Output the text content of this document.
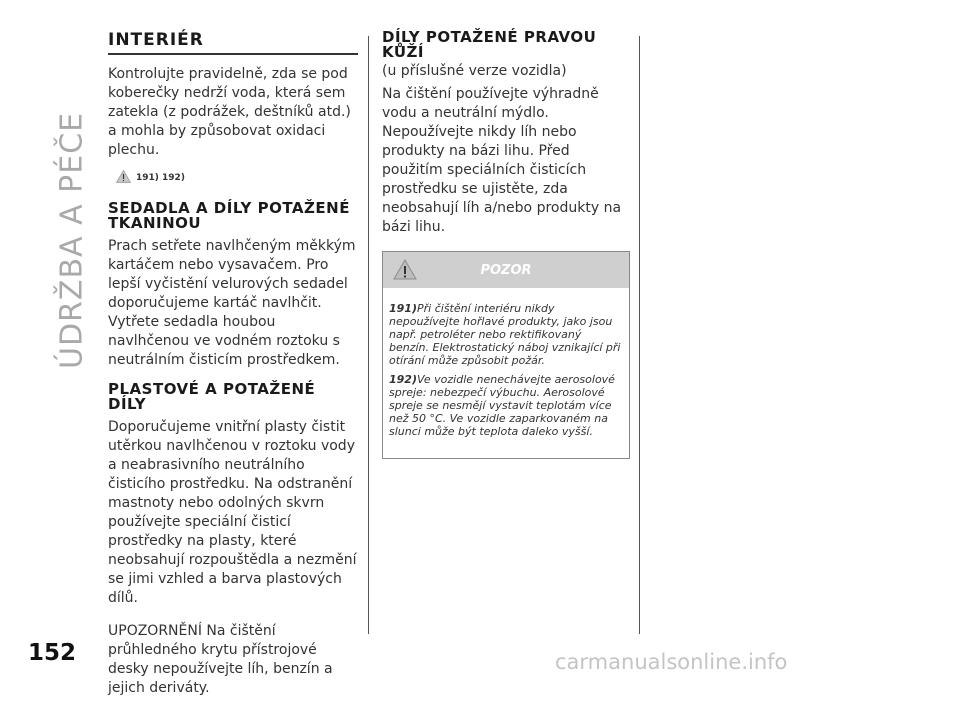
ÚDRŽBA A PÉČE
152
INTERIÉR

Kontrolujte pravidelně, zda se pod koberečky nedrží voda, která sem zatekla (z podrážek, deštníků atd.) a mohla by způsobovat oxidaci plechu.

191) 192)
SEDADLA A DÍLY POTAŽENÉ TKANINOU

Prach setřete navlhčeným měkkým kartáčem nebo vysavačem. Pro lepší vyčistění velurových sedadel doporučujeme kartáč navlhčit.

Vytřete sedadla houbou navlhčenou ve vodném roztoku s neutrálním čisticím prostředkem.

PLASTOVÉ A POTAŽENÉ DÍLY

Doporučujeme vnitřní plasty čistit utěrkou navlhčenou v roztoku vody a neabrasivního neutrálního čisticího prostředku. Na odstranění mastnoty nebo odolných skvrn používejte speciální čisticí prostředky na plasty, které neobsahují rozpouštědla a nezmění se jimi vzhled a barva plastových dílů.

UPOZORNĚNÍ Na čištění průhledného krytu přístrojové desky nepoužívejte líh, benzín a jejich deriváty.

DÍLY POTAŽENÉ PRAVOU KŮŽÍ

(u příslušné verze vozidla)

Na čištění používejte výhradně vodu a neutrální mýdlo. Nepoužívejte nikdy líh nebo produkty na bázi lihu. Před použitím speciálních čisticích prostředku se ujistěte, zda neobsahují líh a/nebo produkty na bázi lihu.

POZOR

191)Při čištění interiéru nikdy nepoužívejte hořlavé produkty, jako jsou např. petroléter nebo rektifikovaný benzín. Elektrostatický náboj vznikající při otírání může způsobit požár.

192)Ve vozidle nenechávejte aerosolové spreje: nebezpečí výbuchu. Aerosolové spreje se nesmějí vystavit teplotám více než 50 °C. Ve vozidle zaparkovaném na slunci může být teplota daleko vyšší.

carmanualsonline.info
